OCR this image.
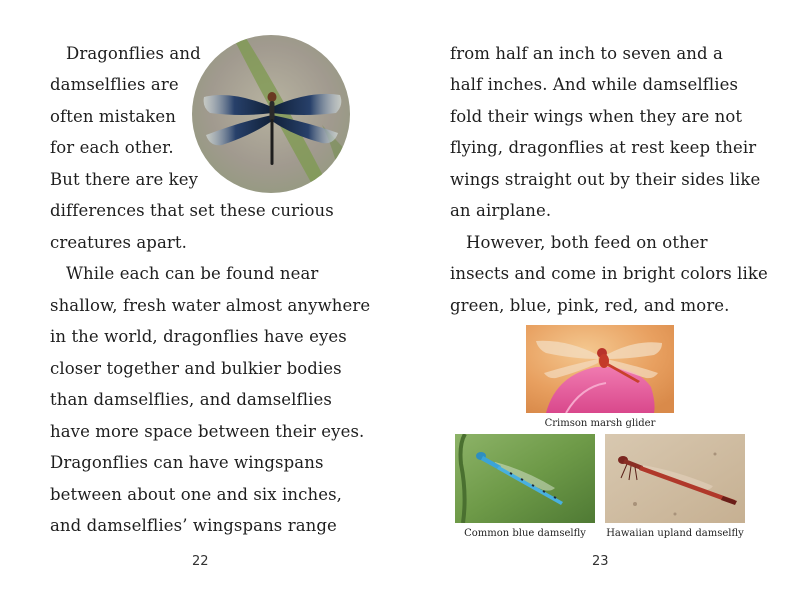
Dragonflies and
damselflies are
often mistaken
for each other.
But there are key
differences that set these curious
creatures apart.
While each can be found near
shallow, fresh water almost anywhere
in the world, dragonflies have eyes
closer together and bulkier bodies
than damselflies, and damselflies
have more space between their eyes.
Dragonflies can have wingspans
between about one and six inches,
and damselflies’ wingspans range
22
from half an inch to seven and a
half inches. And while damselflies
fold their wings when they are not
flying, dragonflies at rest keep their
wings straight out by their sides like
an airplane.
However, both feed on other
insects and come in bright colors like
green, blue, pink, red, and more.
Crimson marsh glider
Common blue damselfly	Hawaiian upland damselfly
23
